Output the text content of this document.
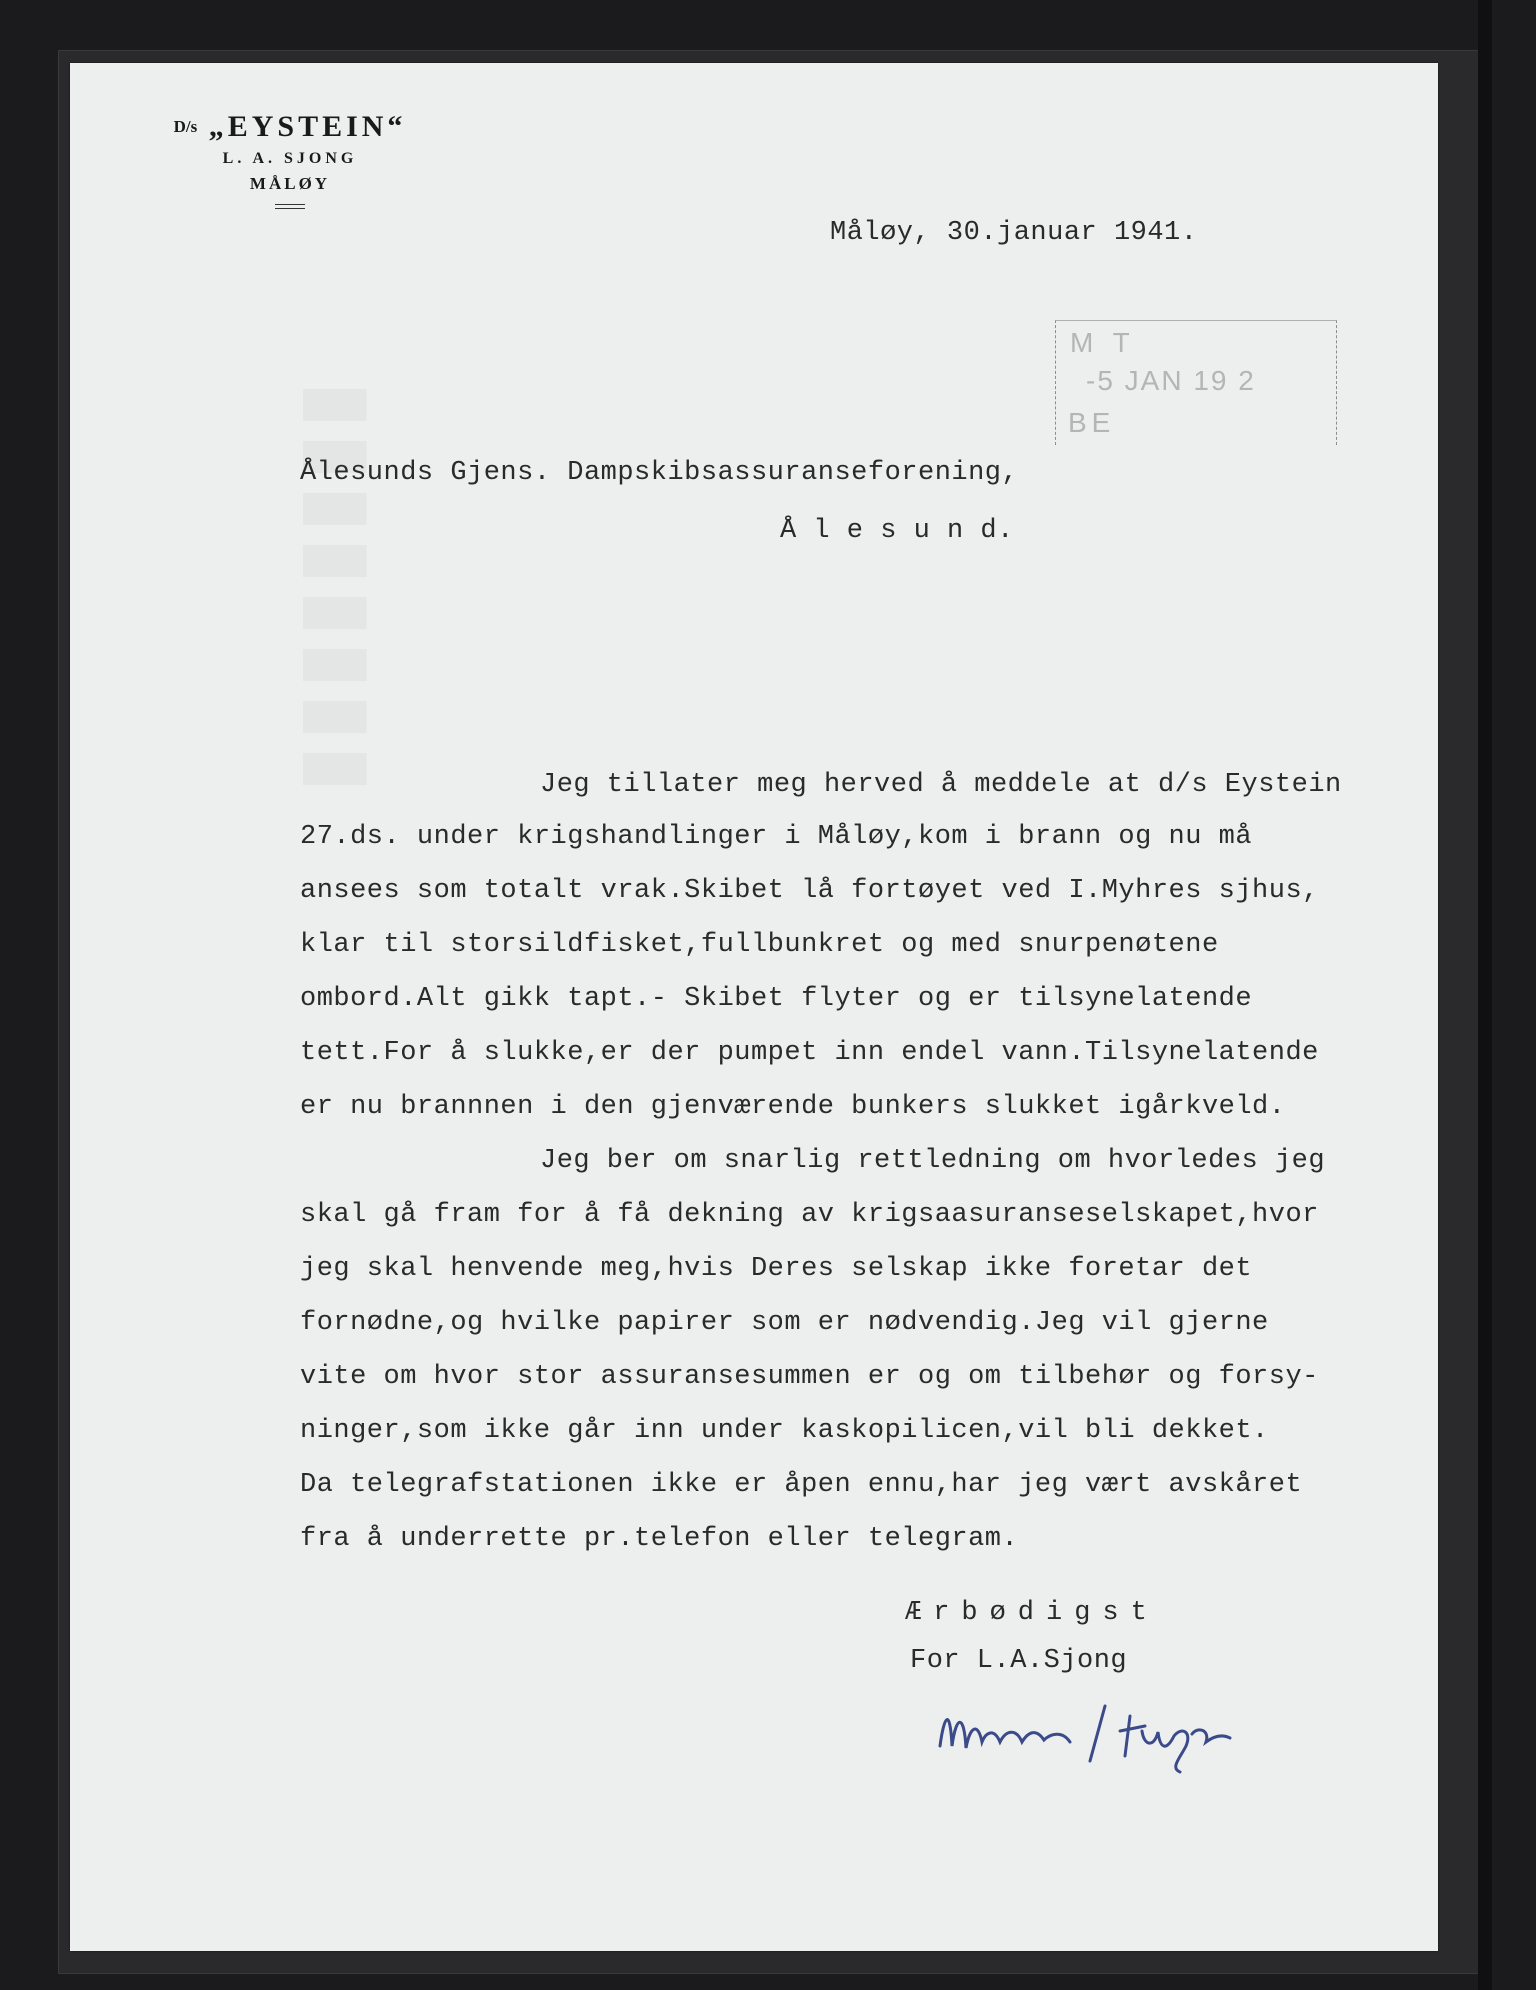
▮▮▮▮▮▮▮▮
D/s „EYSTEIN“
L. A. SJONG
MÅLØY
Måløy, 30.januar 1941.
M T
-5 JAN 19 2
BE
Ålesunds Gjens. Dampskibsassuranseforening,
Å l e s u n d.
Jeg tillater meg herved å meddele at d/s Eystein
27.ds. under krigshandlinger i Måløy,kom i brann og nu må
ansees som totalt vrak.Skibet lå fortøyet ved I.Myhres sjhus,
klar til storsildfisket,fullbunkret og med snurpenøtene
ombord.Alt gikk tapt.- Skibet flyter og er tilsynelatende
tett.For å slukke,er der pumpet inn endel vann.Tilsynelatende
er nu brannnen i den gjenværende bunkers slukket igårkveld.
Jeg ber om snarlig rettledning om hvorledes jeg
skal gå fram for å få dekning av krigsaasuranseselskapet,hvor
jeg skal henvende meg,hvis Deres selskap ikke foretar det
fornødne,og hvilke papirer som er nødvendig.Jeg vil gjerne
vite om hvor stor assuransesummen er og om tilbehør og forsy-
ninger,som ikke går inn under kaskopilicen,vil bli dekket.
Da telegrafstationen ikke er åpen ennu,har jeg vært avskåret
fra å underrette pr.telefon eller telegram.
Ærbødigst
For L.A.Sjong
